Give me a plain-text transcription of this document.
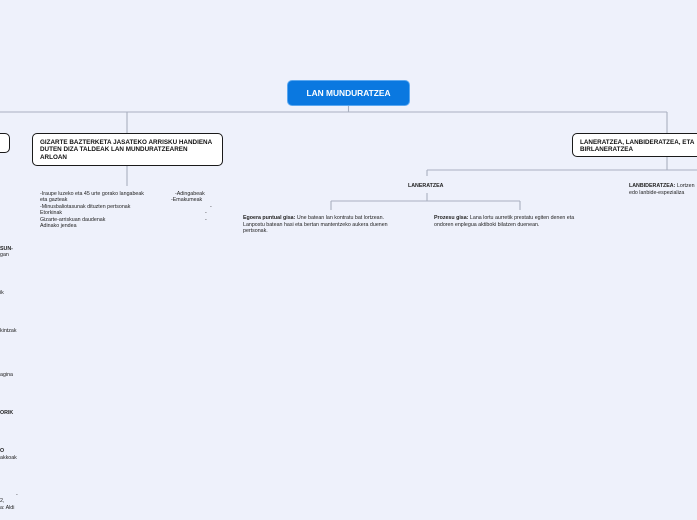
LAN MUNDURATZEA
GIZARTE BAZTERKETA JASATEKO ARRISKU HANDIENA DUTEN DIZA TALDEAK LAN MUNDURATZEAREN ARLOAN
LANERATZEA, LANBIDERATZEA, ETA BIRLANERATZEA
-Iraupe luzeko eta 45 urte gorako langabeak
eta gazteak
-Minusbaliotasunak dituzten pertsonak
Etorkinak
Gizarte-arriskuan daudenak
Adinako jendea
-Adingabeak
-Emakumeak
-
-
-
LANERATZEA
Egoera puntual gisa: Une batean lan kontratu bat lortzean.
Lanpostu batean hasi eta bertan mantentzeko aukera duenen
pertsonak.
Prozesu gisa: Lana lortu aurretik prestatu egiten denen eta
ondoren enplegua aktiboki bilatzen duenean.
LANBIDERATZEA: Lortzen
edo lanbide-espezializa
SUN-
gan
ik
kintzak
agina
ORIK
O
akkoak
-
2,
a: Aldi
